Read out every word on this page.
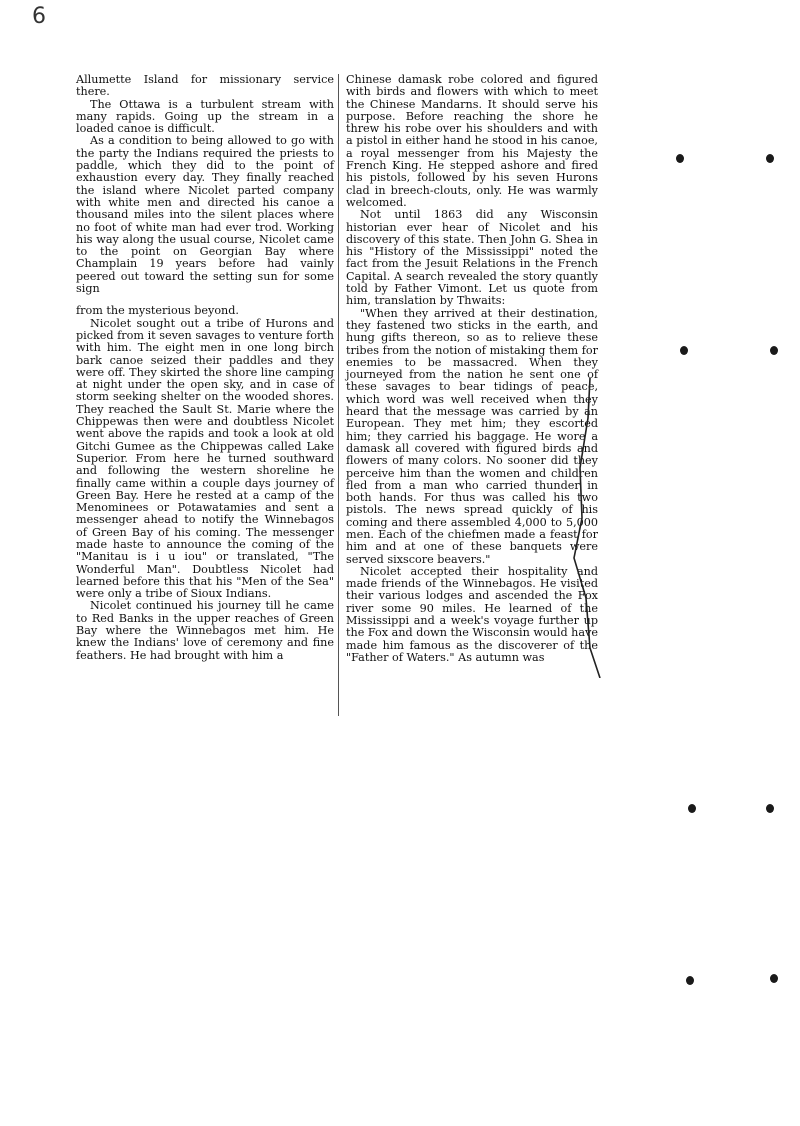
6

Allumette Island for missionary service there.

The Ottawa is a turbulent stream with many rapids. Going up the stream in a loaded canoe is difficult.

As a condition to being allowed to go with the party the Indians required the priests to paddle, which they did to the point of exhaustion every day. They finally reached the island where Nicolet parted company with white men and directed his canoe a thousand miles into the silent places where no foot of white man had ever trod. Working his way along the usual course, Nicolet came to the point on Georgian Bay where Champlain 19 years before had vainly peered out toward the setting sun for some sign

from the mysterious beyond.

Nicolet sought out a tribe of Hurons and picked from it seven savages to venture forth with him. The eight men in one long birch bark canoe seized their paddles and they were off. They skirted the shore line camping at night under the open sky, and in case of storm seeking shelter on the wooded shores. They reached the Sault St. Marie where the Chippewas then were and doubtless Nicolet went above the rapids and took a look at old Gitchi Gumee as the Chippewas called Lake Superior. From here he turned southward and following the western shoreline he finally came within a couple days journey of Green Bay. Here he rested at a camp of the Menominees or Potawatamies and sent a messenger ahead to notify the Winnebagos of Green Bay of his coming. The messenger made haste to announce the coming of the "Manitau is i u iou" or translated, "The Wonderful Man". Doubtless Nicolet had learned before this that his "Men of the Sea" were only a tribe of Sioux Indians.

Nicolet continued his journey till he came to Red Banks in the upper reaches of Green Bay where the Winnebagos met him. He knew the Indians' love of ceremony and fine feathers. He had brought with him a

Chinese damask robe colored and figured with birds and flowers with which to meet the Chinese Mandarns. It should serve his purpose. Before reaching the shore he threw his robe over his shoulders and with a pistol in either hand he stood in his canoe, a royal messenger from his Majesty the French King. He stepped ashore and fired his pistols, followed by his seven Hurons clad in breech-clouts, only. He was warmly welcomed.

Not until 1863 did any Wisconsin historian ever hear of Nicolet and his discovery of this state. Then John G. Shea in his "History of the Mississippi" noted the fact from the Jesuit Relations in the French Capital. A search revealed the story quantly told by Father Vimont. Let us quote from him, translation by Thwaits:

"When they arrived at their destination, they fastened two sticks in the earth, and hung gifts thereon, so as to relieve these tribes from the notion of mistaking them for enemies to be massacred. When they journeyed from the nation he sent one of these savages to bear tidings of peace, which word was well received when they heard that the message was carried by an European. They met him; they escorted him; they carried his baggage. He wore a damask all covered with figured birds and flowers of many colors. No sooner did they perceive him than the women and children fled from a man who carried thunder in both hands. For thus was called his two pistols. The news spread quickly of his coming and there assembled 4,000 to 5,000 men. Each of the chiefmen made a feast for him and at one of these banquets were served sixscore beavers."

Nicolet accepted their hospitality and made friends of the Winnebagos. He visited their various lodges and ascended the Fox river some 90 miles. He learned of the Mississippi and a week's voyage further up the Fox and down the Wisconsin would have made him famous as the discoverer of the "Father of Waters." As autumn was
